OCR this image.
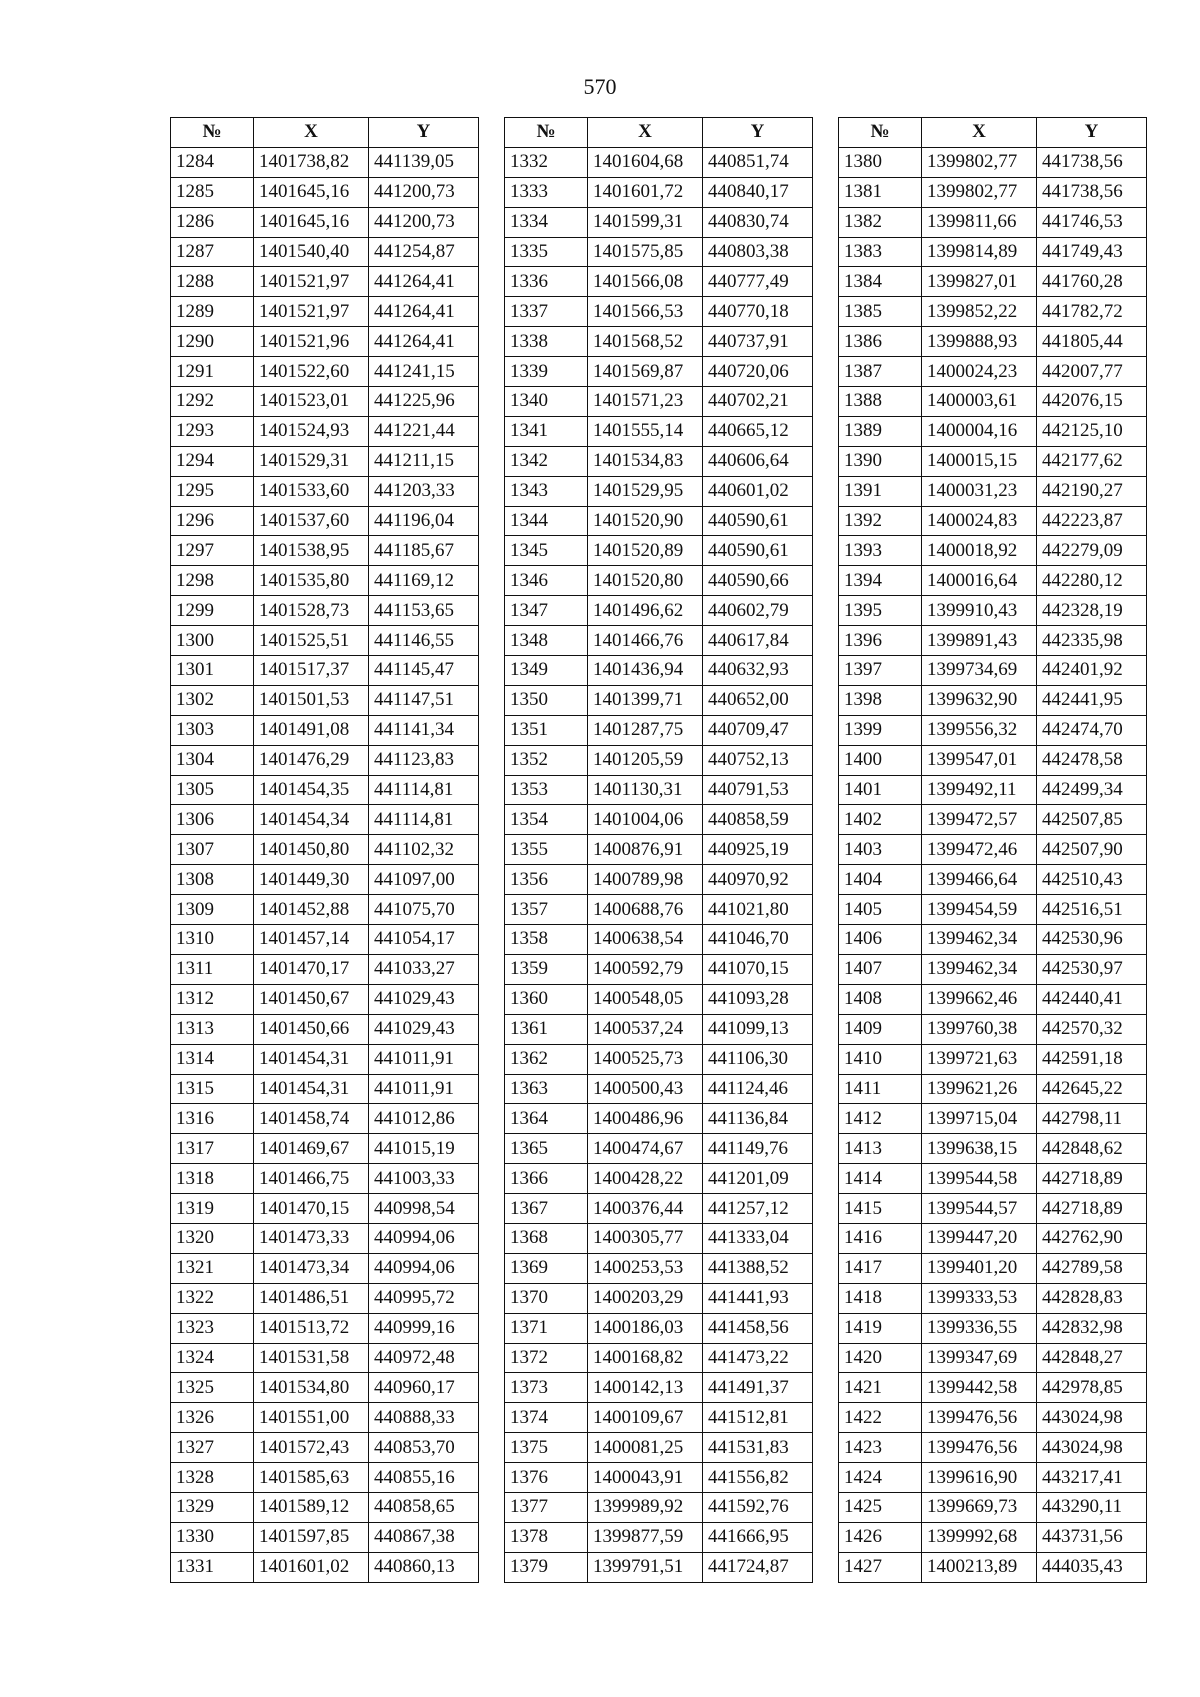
570
№	X	Y
1284	1401738,82	441139,05
1285	1401645,16	441200,73
1286	1401645,16	441200,73
1287	1401540,40	441254,87
1288	1401521,97	441264,41
1289	1401521,97	441264,41
1290	1401521,96	441264,41
1291	1401522,60	441241,15
1292	1401523,01	441225,96
1293	1401524,93	441221,44
1294	1401529,31	441211,15
1295	1401533,60	441203,33
1296	1401537,60	441196,04
1297	1401538,95	441185,67
1298	1401535,80	441169,12
1299	1401528,73	441153,65
1300	1401525,51	441146,55
1301	1401517,37	441145,47
1302	1401501,53	441147,51
1303	1401491,08	441141,34
1304	1401476,29	441123,83
1305	1401454,35	441114,81
1306	1401454,34	441114,81
1307	1401450,80	441102,32
1308	1401449,30	441097,00
1309	1401452,88	441075,70
1310	1401457,14	441054,17
1311	1401470,17	441033,27
1312	1401450,67	441029,43
1313	1401450,66	441029,43
1314	1401454,31	441011,91
1315	1401454,31	441011,91
1316	1401458,74	441012,86
1317	1401469,67	441015,19
1318	1401466,75	441003,33
1319	1401470,15	440998,54
1320	1401473,33	440994,06
1321	1401473,34	440994,06
1322	1401486,51	440995,72
1323	1401513,72	440999,16
1324	1401531,58	440972,48
1325	1401534,80	440960,17
1326	1401551,00	440888,33
1327	1401572,43	440853,70
1328	1401585,63	440855,16
1329	1401589,12	440858,65
1330	1401597,85	440867,38
1331	1401601,02	440860,13
№	X	Y
1332	1401604,68	440851,74
1333	1401601,72	440840,17
1334	1401599,31	440830,74
1335	1401575,85	440803,38
1336	1401566,08	440777,49
1337	1401566,53	440770,18
1338	1401568,52	440737,91
1339	1401569,87	440720,06
1340	1401571,23	440702,21
1341	1401555,14	440665,12
1342	1401534,83	440606,64
1343	1401529,95	440601,02
1344	1401520,90	440590,61
1345	1401520,89	440590,61
1346	1401520,80	440590,66
1347	1401496,62	440602,79
1348	1401466,76	440617,84
1349	1401436,94	440632,93
1350	1401399,71	440652,00
1351	1401287,75	440709,47
1352	1401205,59	440752,13
1353	1401130,31	440791,53
1354	1401004,06	440858,59
1355	1400876,91	440925,19
1356	1400789,98	440970,92
1357	1400688,76	441021,80
1358	1400638,54	441046,70
1359	1400592,79	441070,15
1360	1400548,05	441093,28
1361	1400537,24	441099,13
1362	1400525,73	441106,30
1363	1400500,43	441124,46
1364	1400486,96	441136,84
1365	1400474,67	441149,76
1366	1400428,22	441201,09
1367	1400376,44	441257,12
1368	1400305,77	441333,04
1369	1400253,53	441388,52
1370	1400203,29	441441,93
1371	1400186,03	441458,56
1372	1400168,82	441473,22
1373	1400142,13	441491,37
1374	1400109,67	441512,81
1375	1400081,25	441531,83
1376	1400043,91	441556,82
1377	1399989,92	441592,76
1378	1399877,59	441666,95
1379	1399791,51	441724,87
№	X	Y
1380	1399802,77	441738,56
1381	1399802,77	441738,56
1382	1399811,66	441746,53
1383	1399814,89	441749,43
1384	1399827,01	441760,28
1385	1399852,22	441782,72
1386	1399888,93	441805,44
1387	1400024,23	442007,77
1388	1400003,61	442076,15
1389	1400004,16	442125,10
1390	1400015,15	442177,62
1391	1400031,23	442190,27
1392	1400024,83	442223,87
1393	1400018,92	442279,09
1394	1400016,64	442280,12
1395	1399910,43	442328,19
1396	1399891,43	442335,98
1397	1399734,69	442401,92
1398	1399632,90	442441,95
1399	1399556,32	442474,70
1400	1399547,01	442478,58
1401	1399492,11	442499,34
1402	1399472,57	442507,85
1403	1399472,46	442507,90
1404	1399466,64	442510,43
1405	1399454,59	442516,51
1406	1399462,34	442530,96
1407	1399462,34	442530,97
1408	1399662,46	442440,41
1409	1399760,38	442570,32
1410	1399721,63	442591,18
1411	1399621,26	442645,22
1412	1399715,04	442798,11
1413	1399638,15	442848,62
1414	1399544,58	442718,89
1415	1399544,57	442718,89
1416	1399447,20	442762,90
1417	1399401,20	442789,58
1418	1399333,53	442828,83
1419	1399336,55	442832,98
1420	1399347,69	442848,27
1421	1399442,58	442978,85
1422	1399476,56	443024,98
1423	1399476,56	443024,98
1424	1399616,90	443217,41
1425	1399669,73	443290,11
1426	1399992,68	443731,56
1427	1400213,89	444035,43
